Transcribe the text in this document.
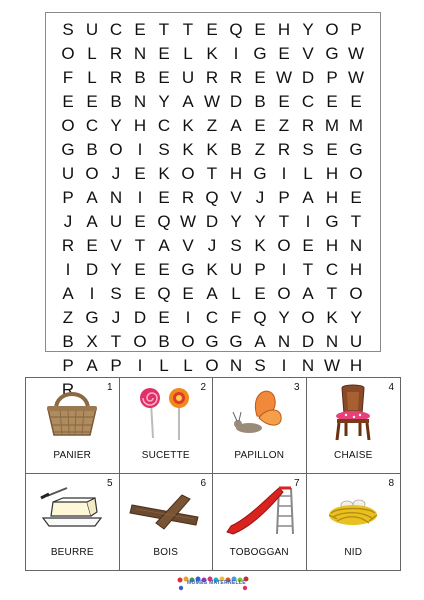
S U C E T T E Q E H Y O P
O L R N E L K I G E V G W
F L R B E U R R E W D P W
E E B N Y A W D B E C E E
O C Y H C K Z A E Z R M M
G B O I S K K B Z R S E G
U O J E K O T H G I L H O
P A N I E R Q V J P A H E
J A U E Q W D Y Y T I G T
R E V T A V J S K O E H N
I D Y E E G K U P I T C H
A I S E Q E A L E O A T O
Z G J D E I C F Q Y O K Y
B X T O B O G G A N D N U
P A P I L L O N S I N W H
R	1
PANIER
2
SUCETTE
3
PAPILLON
4
CHAISE
5
BEURRE
6
BOIS
7
TOBOGGAN
8
NID
MOMES MATERNELLE
